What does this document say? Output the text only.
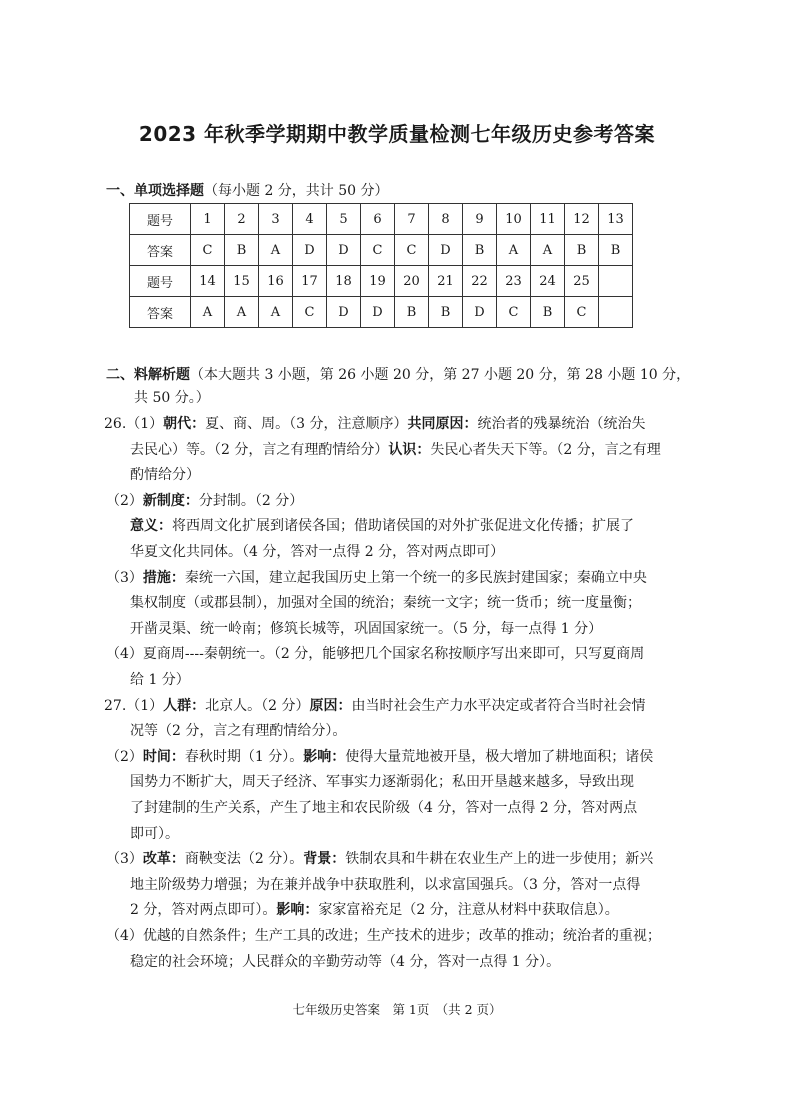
2023 年秋季学期期中教学质量检测七年级历史参考答案

一、单项选择题（每小题 2 分，共计 50 分）

题号	1	2	3	4	5	6	7	8	9	10	11	12	13
答案	C	B	A	D	D	C	C	D	B	A	A	B	B
题号	14	15	16	17	18	19	20	21	22	23	24	25	
答案	A	A	A	C	D	D	B	B	D	C	B	C	

二、料解析题（本大题共 3 小题，第 26 小题 20 分，第 27 小题 20 分，第 28 小题 10 分，

共 50 分。）

26.（1）朝代：夏、商、周。（3 分，注意顺序）共同原因：统治者的残暴统治（统治失

去民心）等。（2 分，言之有理酌情给分）认识：失民心者失天下等。（2 分，言之有理

酌情给分）

（2）新制度：分封制。（2 分）

意义：将西周文化扩展到诸侯各国；借助诸侯国的对外扩张促进文化传播；扩展了

华夏文化共同体。（4 分，答对一点得 2 分，答对两点即可）

（3）措施：秦统一六国，建立起我国历史上第一个统一的多民族封建国家；秦确立中央

集权制度（或郡县制），加强对全国的统治；秦统一文字；统一货币；统一度量衡；

开凿灵渠、统一岭南；修筑长城等，巩固国家统一。（5 分，每一点得 1 分）

（4）夏商周----秦朝统一。（2 分，能够把几个国家名称按顺序写出来即可，只写夏商周

给 1 分）

27.（1）人群：北京人。（2 分）原因：由当时社会生产力水平决定或者符合当时社会情

况等（2 分，言之有理酌情给分）。

（2）时间：春秋时期（1 分）。影响：使得大量荒地被开垦，极大增加了耕地面积；诸侯

国势力不断扩大，周天子经济、军事实力逐渐弱化；私田开垦越来越多，导致出现

了封建制的生产关系，产生了地主和农民阶级（4 分，答对一点得 2 分，答对两点

即可）。

（3）改革：商鞅变法（2 分）。背景：铁制农具和牛耕在农业生产上的进一步使用；新兴

地主阶级势力增强；为在兼并战争中获取胜利，以求富国强兵。（3 分，答对一点得

2 分，答对两点即可）。影响：家家富裕充足（2 分，注意从材料中获取信息）。

（4）优越的自然条件；生产工具的改进；生产技术的进步；改革的推动；统治者的重视；

稳定的社会环境；人民群众的辛勤劳动等（4 分，答对一点得 1 分）。

七年级历史答案　第 1页　（共 2 页）
